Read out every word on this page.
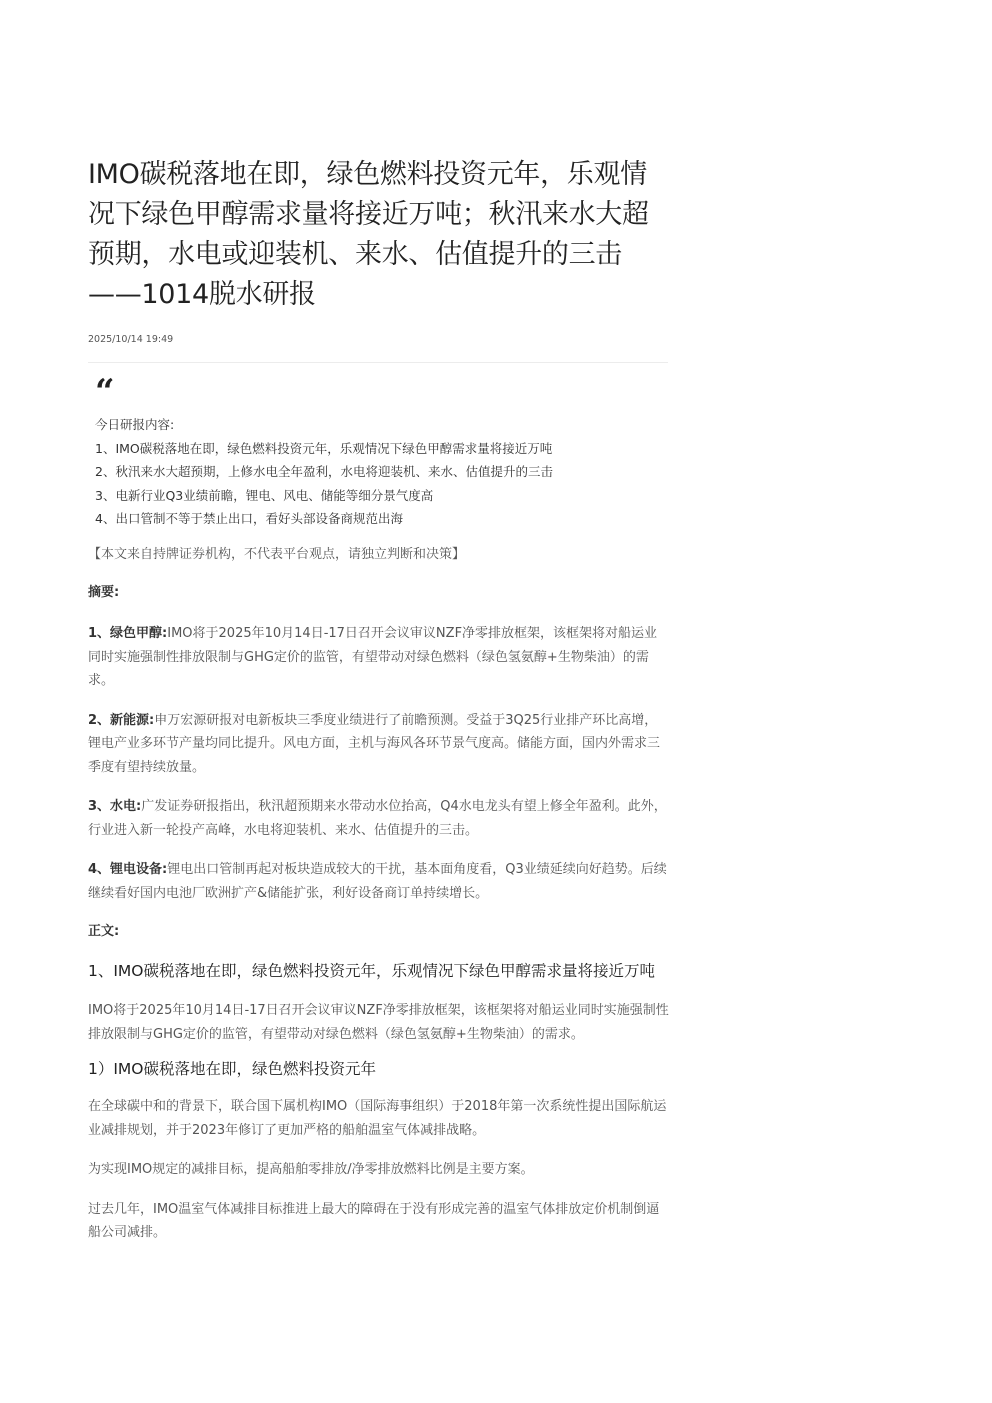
IMO碳税落地在即，绿色燃料投资元年，乐观情况下绿色甲醇需求量将接近万吨；秋汛来水大超预期，水电或迎装机、来水、估值提升的三击——1014脱水研报
2025/10/14 19:49
“
今日研报内容:
1、IMO碳税落地在即，绿色燃料投资元年，乐观情况下绿色甲醇需求量将接近万吨
2、秋汛来水大超预期，上修水电全年盈利，水电将迎装机、来水、估值提升的三击
3、电新行业Q3业绩前瞻，锂电、风电、储能等细分景气度高
4、出口管制不等于禁止出口，看好头部设备商规范出海

【本文来自持牌证券机构，不代表平台观点，请独立判断和决策】

摘要:

1、绿色甲醇:IMO将于2025年10月14日-17日召开会议审议NZF净零排放框架，该框架将对船运业同时实施强制性排放限制与GHG定价的监管，有望带动对绿色燃料（绿色氢氨醇+生物柴油）的需求。

2、新能源:申万宏源研报对电新板块三季度业绩进行了前瞻预测。受益于3Q25行业排产环比高增，锂电产业多环节产量均同比提升。风电方面，主机与海风各环节景气度高。储能方面，国内外需求三季度有望持续放量。

3、水电:广发证券研报指出，秋汛超预期来水带动水位抬高，Q4水电龙头有望上修全年盈利。此外，行业进入新一轮投产高峰，水电将迎装机、来水、估值提升的三击。

4、锂电设备:锂电出口管制再起对板块造成较大的干扰，基本面角度看，Q3业绩延续向好趋势。后续继续看好国内电池厂欧洲扩产&储能扩张，利好设备商订单持续增长。

正文:

1、IMO碳税落地在即，绿色燃料投资元年，乐观情况下绿色甲醇需求量将接近万吨

IMO将于2025年10月14日-17日召开会议审议NZF净零排放框架，该框架将对船运业同时实施强制性排放限制与GHG定价的监管，有望带动对绿色燃料（绿色氢氨醇+生物柴油）的需求。

1）IMO碳税落地在即，绿色燃料投资元年

在全球碳中和的背景下，联合国下属机构IMO（国际海事组织）于2018年第一次系统性提出国际航运业减排规划，并于2023年修订了更加严格的船舶温室气体减排战略。

为实现IMO规定的减排目标，提高船舶零排放/净零排放燃料比例是主要方案。

过去几年，IMO温室气体减排目标推进上最大的障碍在于没有形成完善的温室气体排放定价机制倒逼船公司减排。
